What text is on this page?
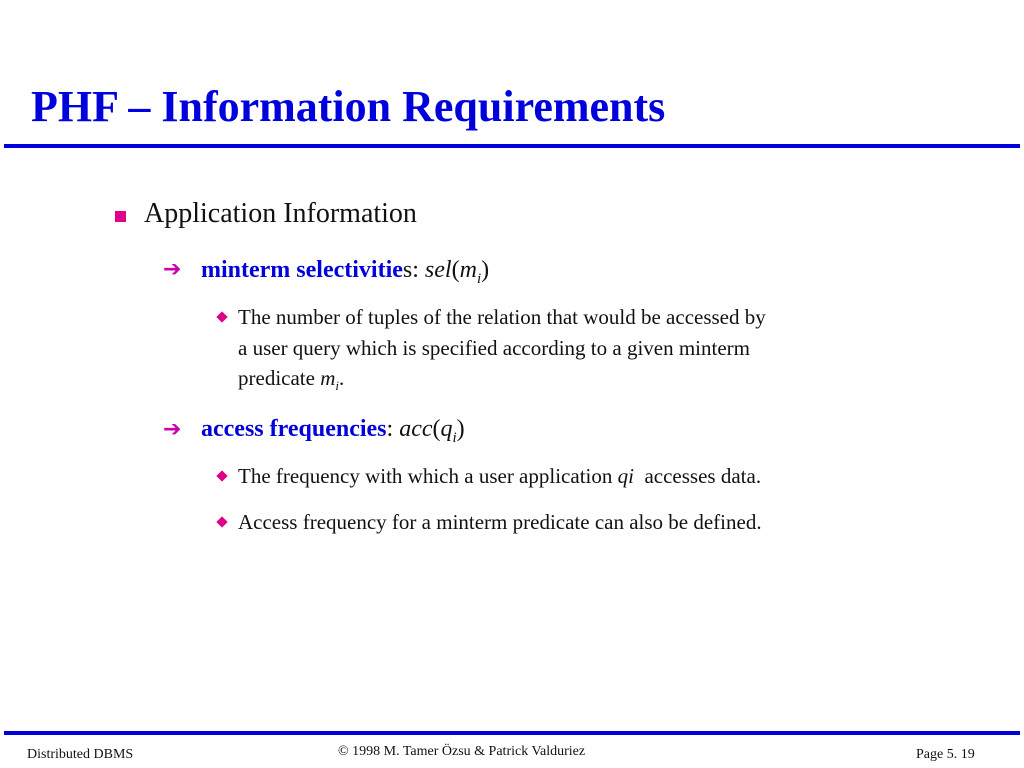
PHF – Information Requirements
Application Information
➔ minterm selectivities: $sel(m_i)$
The number of tuples of the relation that would be accessed by
a user query which is specified according to a given minterm
predicate $m_i$.
➔ access frequencies: $acc(q_i)$
The frequency with which a user application qi  accesses data.
Access frequency for a minterm predicate can also be defined.
Distributed DBMS	© 1998 M. Tamer Özsu & Patrick Valduriez	Page 5. 19
